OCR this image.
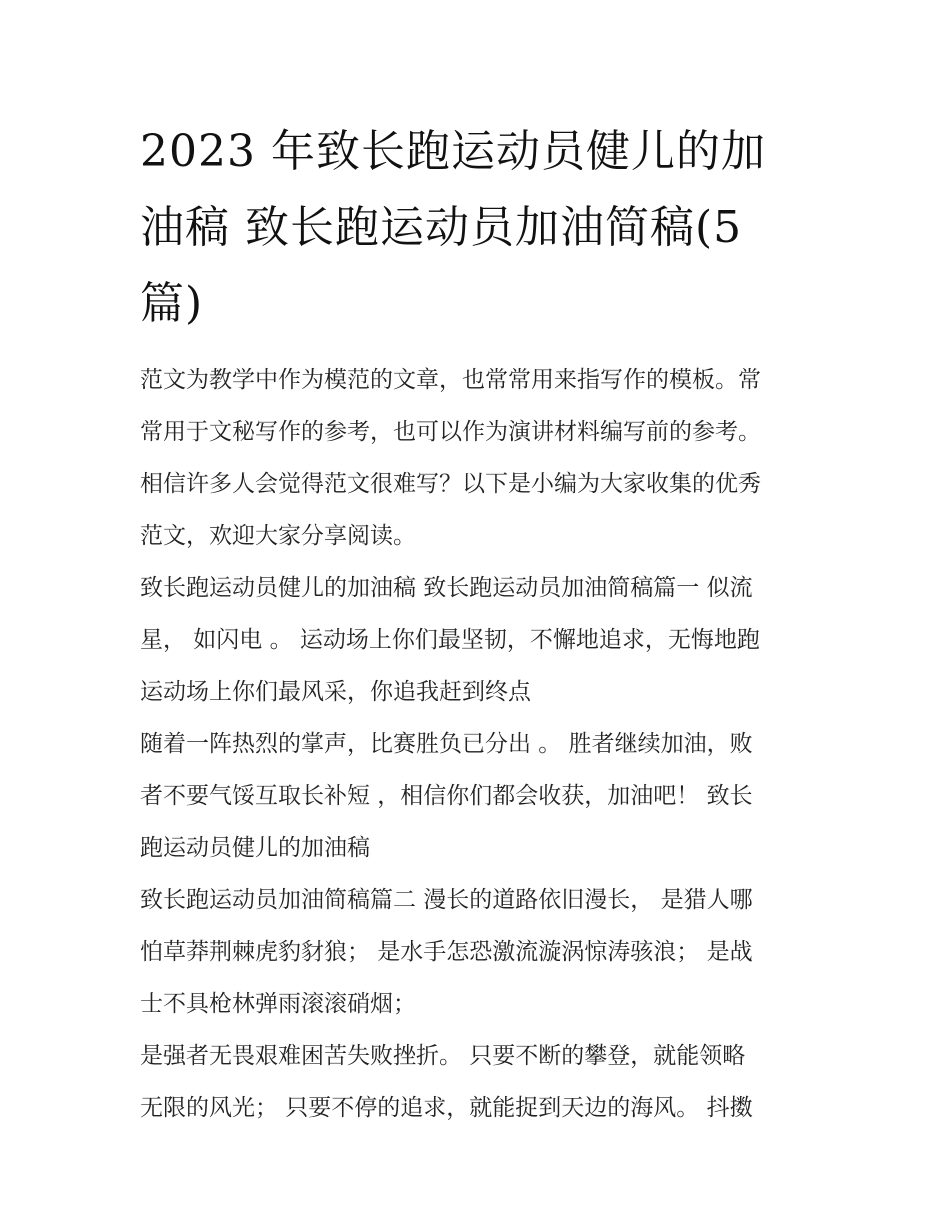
2023 年致长跑运动员健儿的加
油稿 致长跑运动员加油简稿(5
篇)
范文为教学中作为模范的文章，也常常用来指写作的模板。常
常用于文秘写作的参考，也可以作为演讲材料编写前的参考。
相信许多人会觉得范文很难写？以下是小编为大家收集的优秀
范文，欢迎大家分享阅读。
致长跑运动员健儿的加油稿 致长跑运动员加油简稿篇一 似流
星， 如闪电 。 运动场上你们最坚韧，不懈地追求，无悔地跑
运动场上你们最风采，你追我赶到终点
随着一阵热烈的掌声，比赛胜负已分出 。 胜者继续加油，败
者不要气馁互取长补短 ，相信你们都会收获，加油吧！ 致长
跑运动员健儿的加油稿
致长跑运动员加油简稿篇二 漫长的道路依旧漫长， 是猎人哪
怕草莽荆棘虎豹豺狼； 是水手怎恐激流漩涡惊涛骇浪； 是战
士不具枪林弹雨滚滚硝烟；
是强者无畏艰难困苦失败挫折。 只要不断的攀登，就能领略
无限的风光； 只要不停的追求，就能捉到天边的海风。 抖擞
